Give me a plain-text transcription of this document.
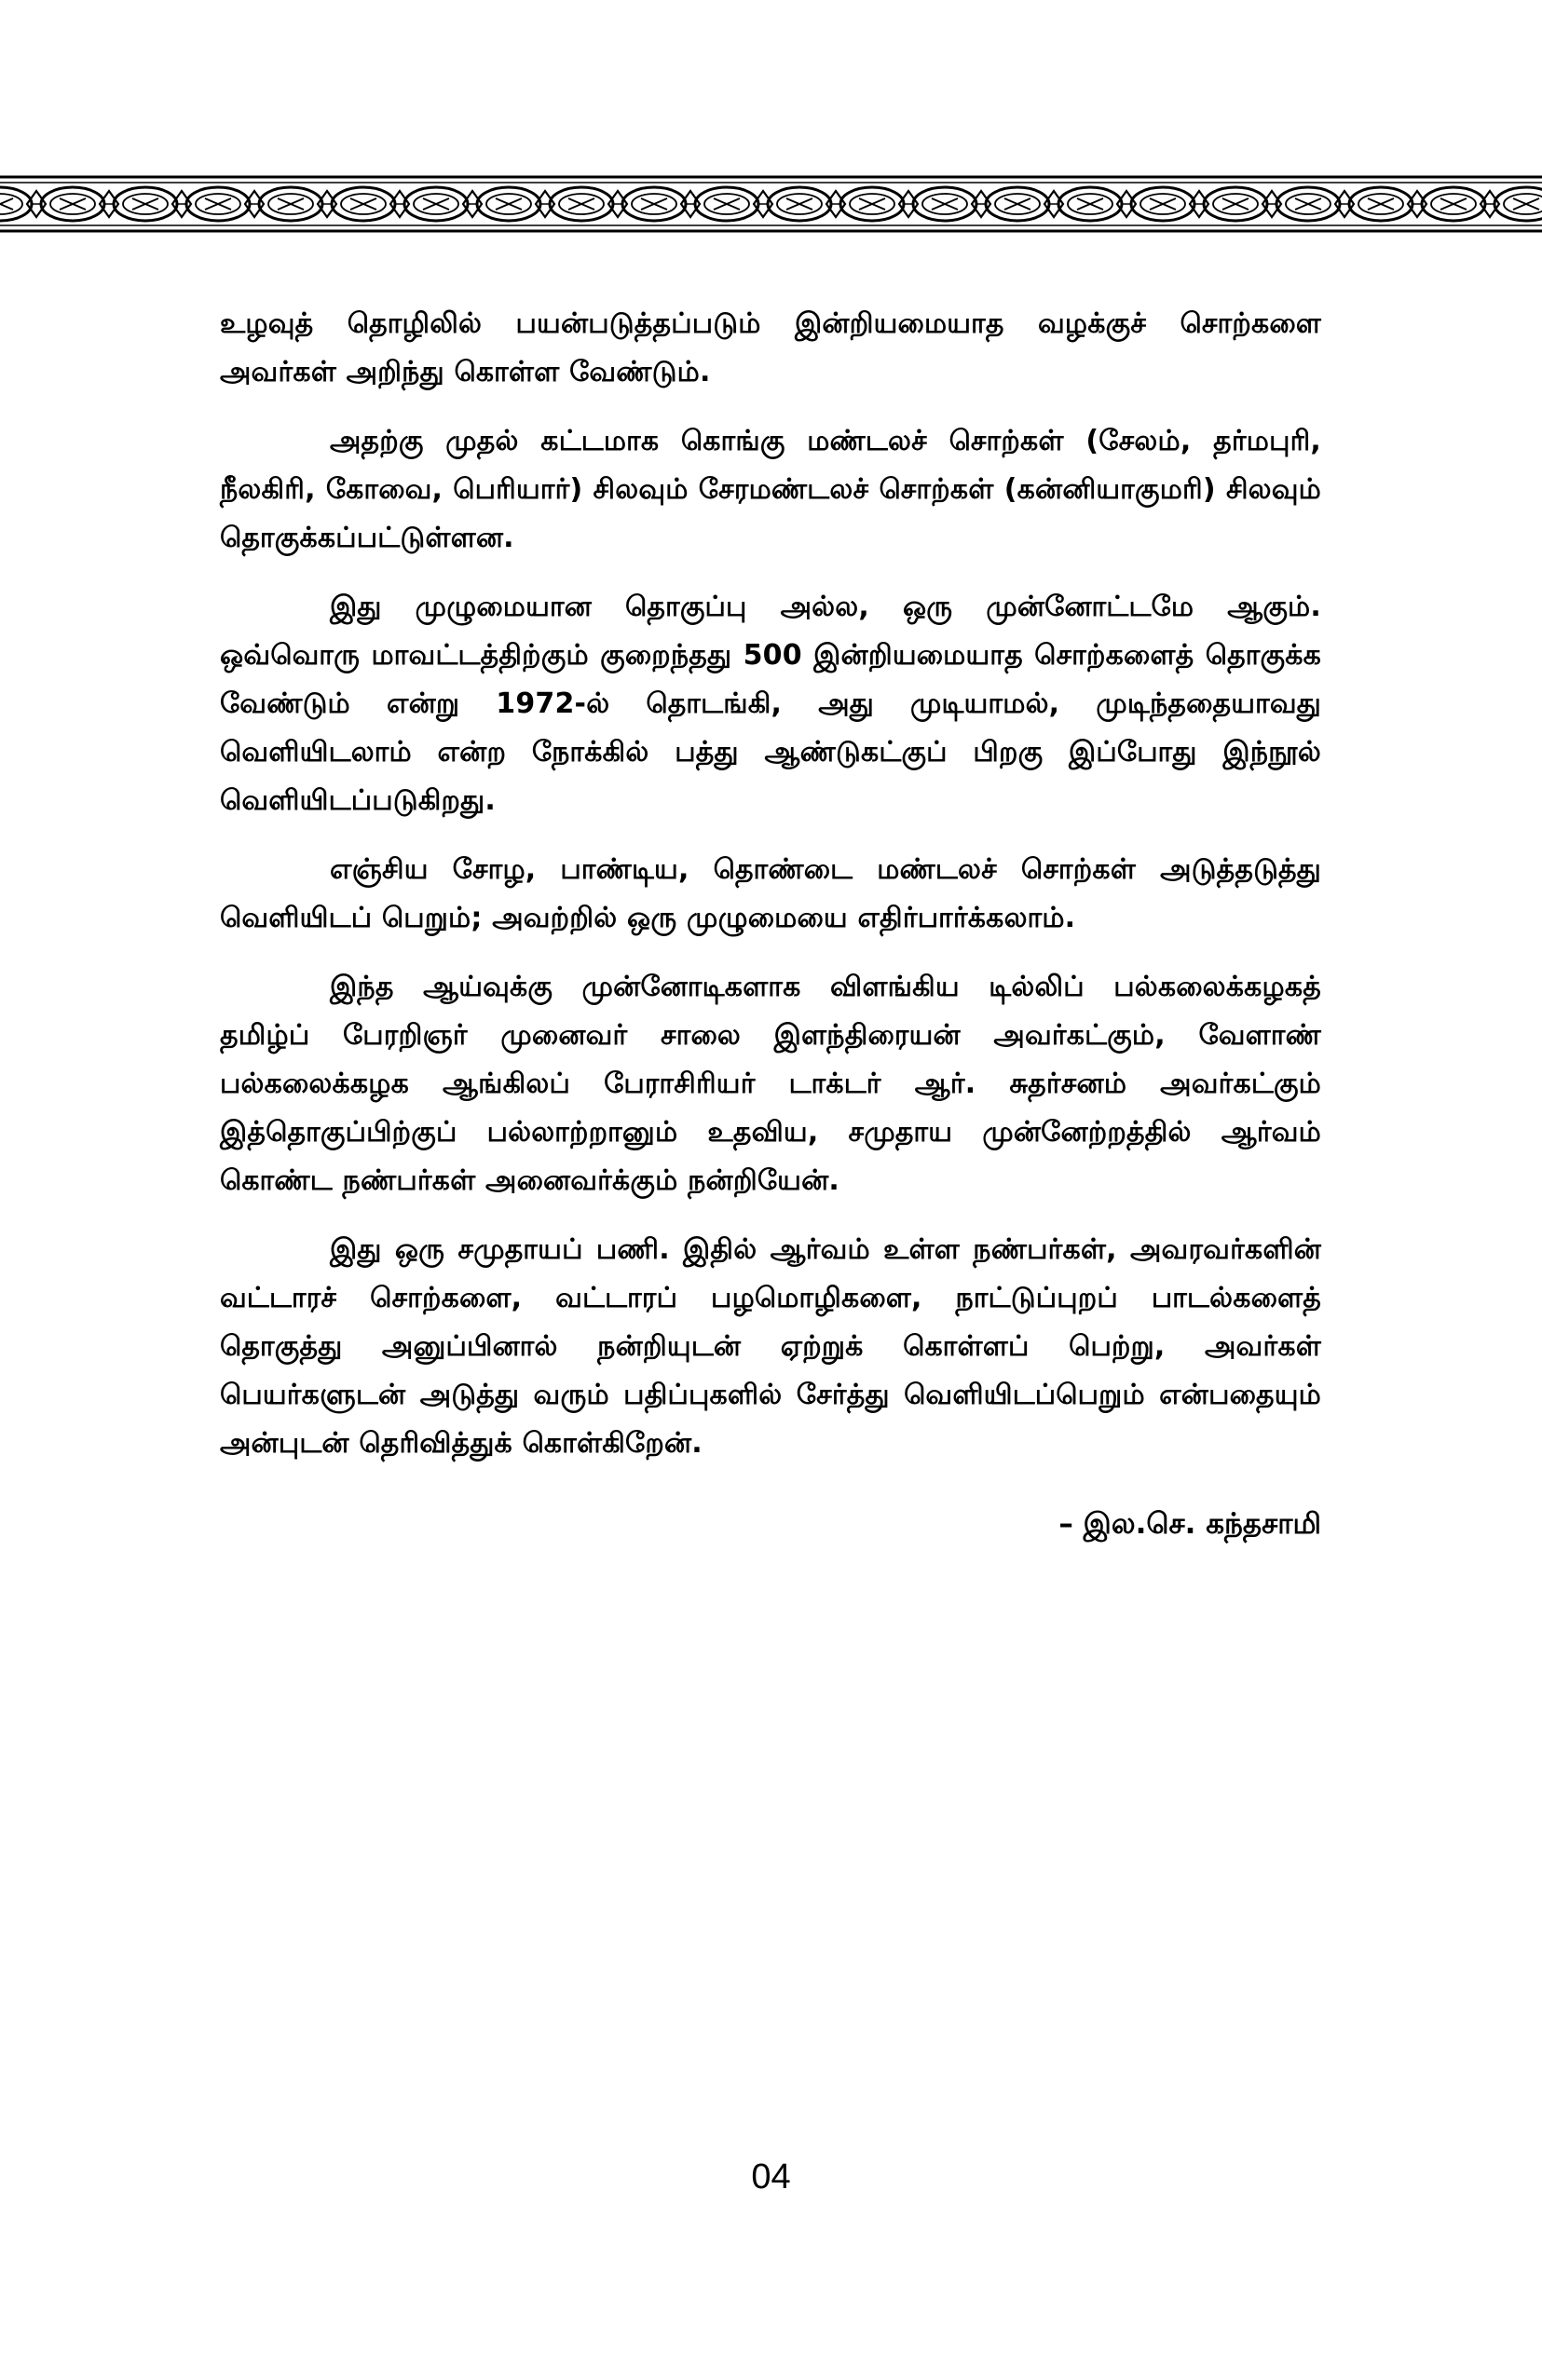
உழவுத் தொழிலில் பயன்படுத்தப்படும் இன்றியமையாத வழக்குச் சொற்களை அவர்கள் அறிந்து கொள்ள வேண்டும்.

அதற்கு முதல் கட்டமாக கொங்கு மண்டலச் சொற்கள் (சேலம், தர்மபுரி, நீலகிரி, கோவை, பெரியார்) சிலவும் சேரமண்டலச் சொற்கள் (கன்னியாகுமரி) சிலவும் தொகுக்கப்பட்டுள்ளன.

இது முழுமையான தொகுப்பு அல்ல, ஒரு முன்னோட்டமே ஆகும். ஒவ்வொரு மாவட்டத்திற்கும் குறைந்தது 500 இன்றியமையாத சொற்களைத் தொகுக்க வேண்டும் என்று 1972-ல் தொடங்கி, அது முடியாமல், முடிந்ததையாவது வெளியிடலாம் என்ற நோக்கில் பத்து ஆண்டுகட்குப் பிறகு இப்போது இந்நூல் வெளியிடப்படுகிறது.

எஞ்சிய சோழ, பாண்டிய, தொண்டை மண்டலச் சொற்கள் அடுத்தடுத்து வெளியிடப் பெறும்; அவற்றில் ஒரு முழுமையை எதிர்பார்க்கலாம்.

இந்த ஆய்வுக்கு முன்னோடிகளாக விளங்கிய டில்லிப் பல்கலைக்கழகத் தமிழ்ப் பேரறிஞர் முனைவர் சாலை இளந்திரையன் அவர்கட்கும், வேளாண் பல்கலைக்கழக ஆங்கிலப் பேராசிரியர் டாக்டர் ஆர். சுதர்சனம் அவர்கட்கும் இத்தொகுப்பிற்குப் பல்லாற்றானும் உதவிய, சமுதாய முன்னேற்றத்தில் ஆர்வம் கொண்ட நண்பர்கள் அனைவர்க்கும் நன்றியேன்.

இது ஒரு சமுதாயப் பணி. இதில் ஆர்வம் உள்ள நண்பர்கள், அவரவர்களின் வட்டாரச் சொற்களை, வட்டாரப் பழமொழிகளை, நாட்டுப்புறப் பாடல்களைத் தொகுத்து அனுப்பினால் நன்றியுடன் ஏற்றுக் கொள்ளப் பெற்று, அவர்கள் பெயர்களுடன் அடுத்து வரும் பதிப்புகளில் சேர்த்து வெளியிடப்பெறும் என்பதையும் அன்புடன் தெரிவித்துக் கொள்கிறேன்.

– இல.செ. கந்தசாமி
04
